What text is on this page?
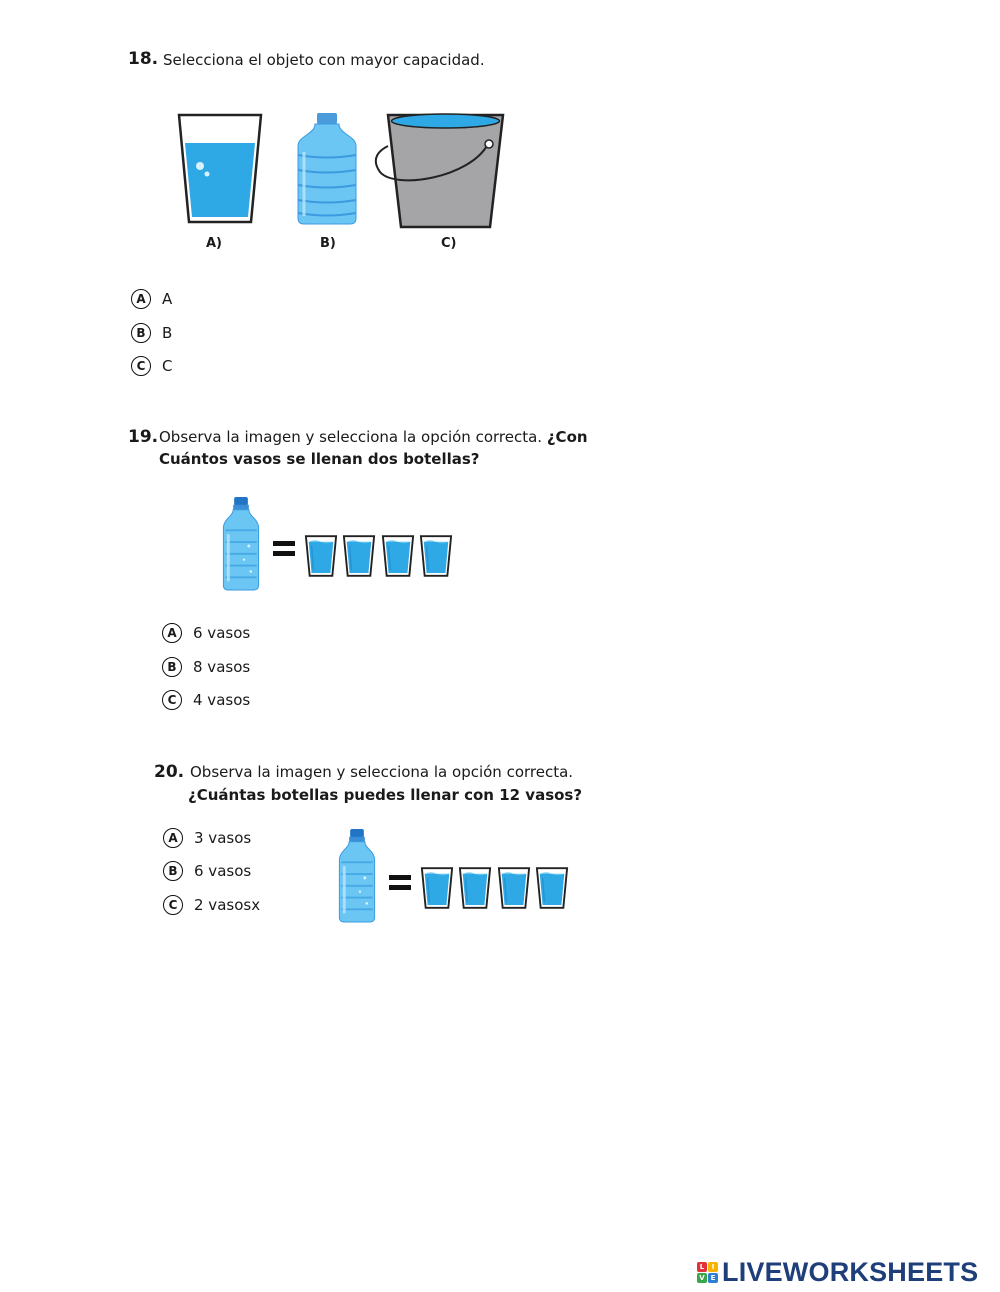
18. Selecciona el objeto con mayor capacidad.
A)	B)	C)
A	A
B	B
C	C
19. Observa la imagen y selecciona la opción correcta. ¿Con
Cuántos vasos se llenan dos botellas?
A	6 vasos
B	8 vasos
C	4 vasos
20. Observa la imagen y selecciona la opción correcta.
¿Cuántas botellas puedes llenar con 12 vasos?
A	3 vasos
B	6 vasos
C	2 vasosx
L	I
V E LIVEWORKSHEETS
